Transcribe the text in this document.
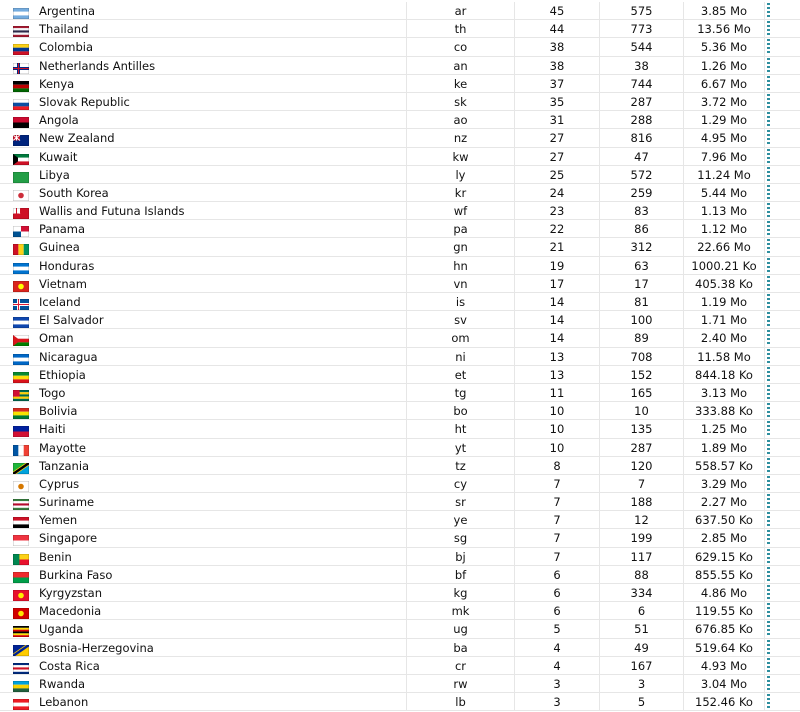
Argentina	ar	45	575	3.85 Mo
Thailand	th	44	773	13.56 Mo
Colombia	co	38	544	5.36 Mo
Netherlands Antilles	an	38	38	1.26 Mo
Kenya	ke	37	744	6.67 Mo
Slovak Republic	sk	35	287	3.72 Mo
Angola	ao	31	288	1.29 Mo
New Zealand	nz	27	816	4.95 Mo
Kuwait	kw	27	47	7.96 Mo
Libya	ly	25	572	11.24 Mo
South Korea	kr	24	259	5.44 Mo
Wallis and Futuna Islands	wf	23	83	1.13 Mo
Panama	pa	22	86	1.12 Mo
Guinea	gn	21	312	22.66 Mo
Honduras	hn	19	63	1000.21 Ko
Vietnam	vn	17	17	405.38 Ko
Iceland	is	14	81	1.19 Mo
El Salvador	sv	14	100	1.71 Mo
Oman	om	14	89	2.40 Mo
Nicaragua	ni	13	708	11.58 Mo
Ethiopia	et	13	152	844.18 Ko
Togo	tg	11	165	3.13 Mo
Bolivia	bo	10	10	333.88 Ko
Haiti	ht	10	135	1.25 Mo
Mayotte	yt	10	287	1.89 Mo
Tanzania	tz	8	120	558.57 Ko
Cyprus	cy	7	7	3.29 Mo
Suriname	sr	7	188	2.27 Mo
Yemen	ye	7	12	637.50 Ko
Singapore	sg	7	199	2.85 Mo
Benin	bj	7	117	629.15 Ko
Burkina Faso	bf	6	88	855.55 Ko
Kyrgyzstan	kg	6	334	4.86 Mo
Macedonia	mk	6	6	119.55 Ko
Uganda	ug	5	51	676.85 Ko
Bosnia-Herzegovina	ba	4	49	519.64 Ko
Costa Rica	cr	4	167	4.93 Mo
Rwanda	rw	3	3	3.04 Mo
Lebanon	lb	3	5	152.46 Ko
